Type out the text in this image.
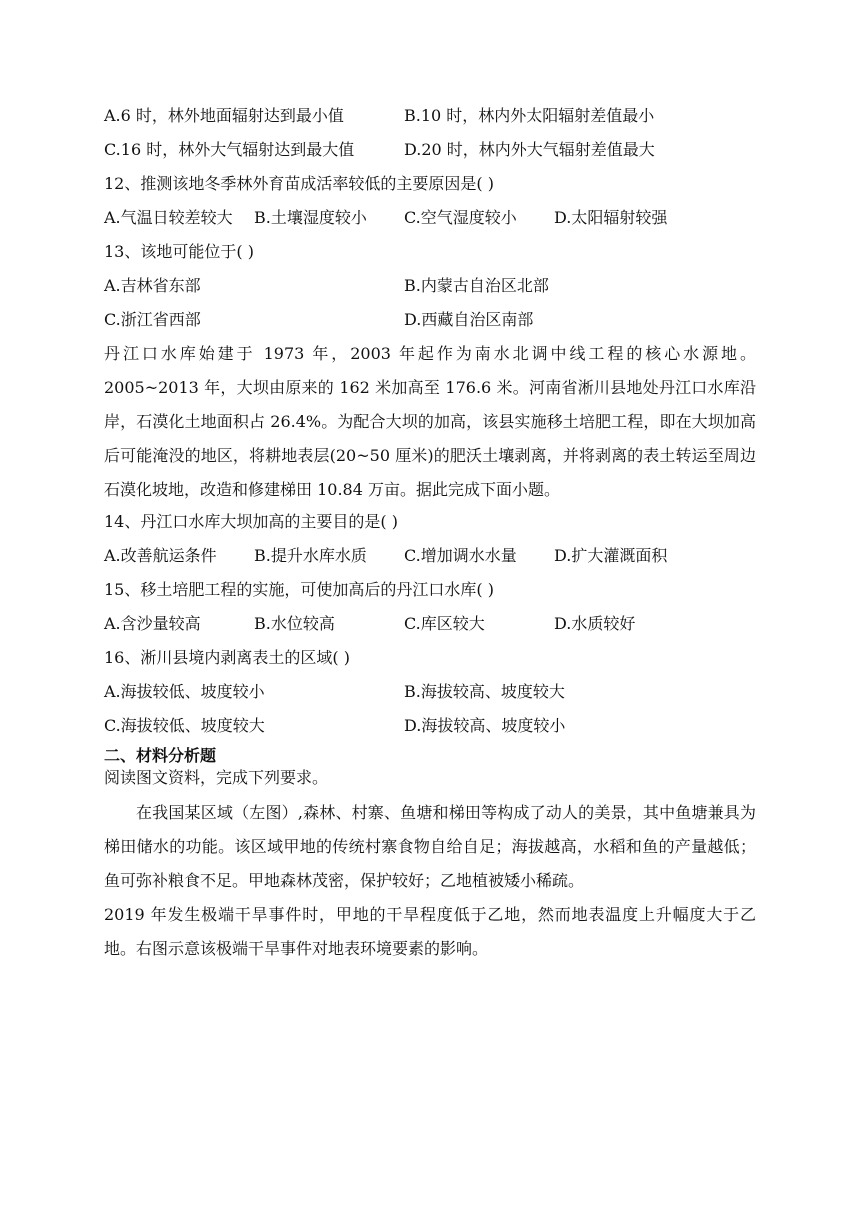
A.6 时，林外地面辐射达到最小值	B.10 时，林内外太阳辐射差值最小
C.16 时，林外大气辐射达到最大值	D.20 时，林内外大气辐射差值最大
12、推测该地冬季林外育苗成活率较低的主要原因是( )
A.气温日较差较大 B.土壤湿度较小 C.空气湿度较小 D.太阳辐射较强
13、该地可能位于( )
A.吉林省东部	B.内蒙古自治区北部
C.浙江省西部	D.西藏自治区南部
丹江口水库始建于 1973 年，2003 年起作为南水北调中线工程的核心水源地。2005~2013 年，大坝由原来的 162 米加高至 176.6 米。河南省淅川县地处丹江口水库沿岸，石漠化土地面积占 26.4%。为配合大坝的加高，该县实施移土培肥工程，即在大坝加高后可能淹没的地区，将耕地表层(20~50 厘米)的肥沃土壤剥离，并将剥离的表土转运至周边石漠化坡地，改造和修建梯田 10.84 万亩。据此完成下面小题。
14、丹江口水库大坝加高的主要目的是( )
A.改善航运条件 B.提升水库水质 C.增加调水水量 D.扩大灌溉面积
15、移土培肥工程的实施，可使加高后的丹江口水库( )
A.含沙量较高	B.水位较高	C.库区较大	D.水质较好
16、淅川县境内剥离表土的区域( )
A.海拔较低、坡度较小	B.海拔较高、坡度较大
C.海拔较低、坡度较大	D.海拔较高、坡度较小
二、材料分析题
阅读图文资料，完成下列要求。
在我国某区域（左图）,森林、村寨、鱼塘和梯田等构成了动人的美景，其中鱼塘兼具为梯田储水的功能。该区域甲地的传统村寨食物自给自足；海拔越高，水稻和鱼的产量越低；鱼可弥补粮食不足。甲地森林茂密，保护较好；乙地植被矮小稀疏。
2019 年发生极端干旱事件时，甲地的干旱程度低于乙地，然而地表温度上升幅度大于乙地。右图示意该极端干旱事件对地表环境要素的影响。
